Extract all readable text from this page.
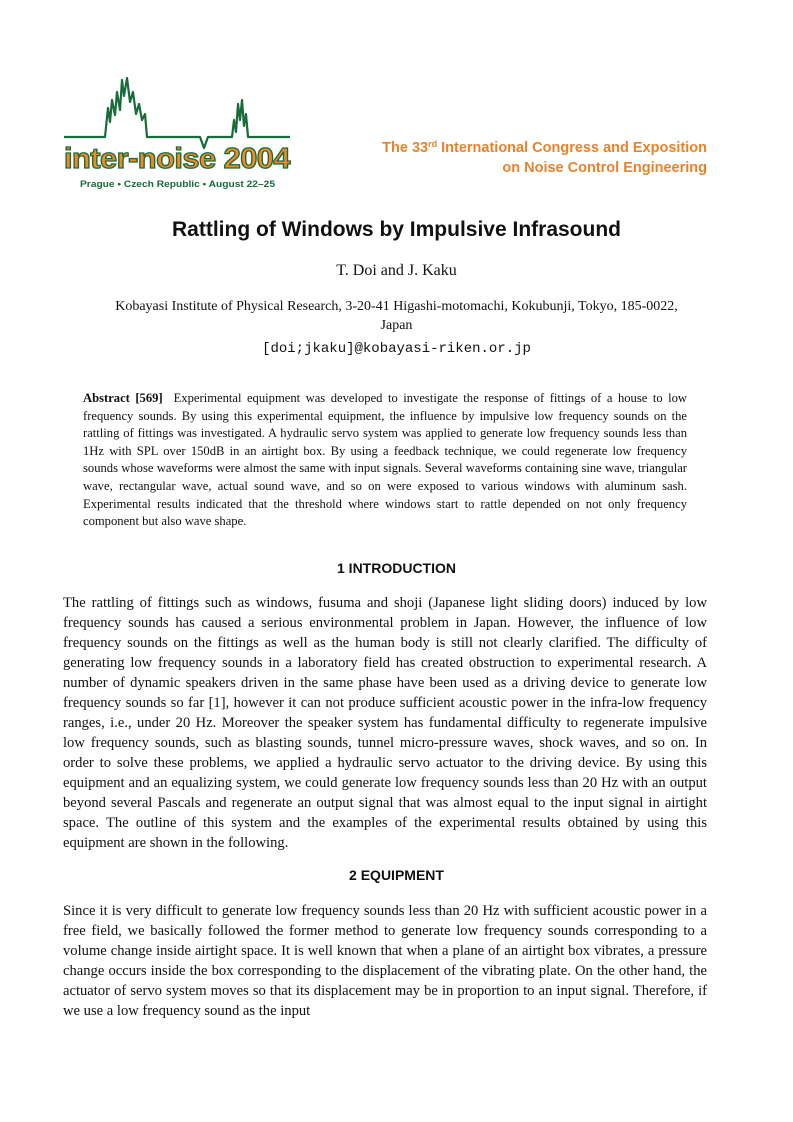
inter-noise 2004
Prague • Czech Republic • August 22–25
The 33rd International Congress and Exposition
on Noise Control Engineering
Rattling of Windows by Impulsive Infrasound
T. Doi and J. Kaku
Kobayasi Institute of Physical Research, 3-20-41 Higashi-motomachi, Kokubunji, Tokyo, 185-0022, Japan
[doi;jkaku]@kobayasi-riken.or.jp

Abstract [569] Experimental equipment was developed to investigate the response of fittings of a house to low frequency sounds. By using this experimental equipment, the influence by impulsive low frequency sounds on the rattling of fittings was investigated. A hydraulic servo system was applied to generate low frequency sounds less than 1Hz with SPL over 150dB in an airtight box. By using a feedback technique, we could regenerate low frequency sounds whose waveforms were almost the same with input signals. Several waveforms containing sine wave, triangular wave, rectangular wave, actual sound wave, and so on were exposed to various windows with aluminum sash. Experimental results indicated that the threshold where windows start to rattle depended on not only frequency component but also wave shape.

1 INTRODUCTION

The rattling of fittings such as windows, fusuma and shoji (Japanese light sliding doors) induced by low frequency sounds has caused a serious environmental problem in Japan. However, the influence of low frequency sounds on the fittings as well as the human body is still not clearly clarified. The difficulty of generating low frequency sounds in a laboratory field has created obstruction to experimental research. A number of dynamic speakers driven in the same phase have been used as a driving device to generate low frequency sounds so far [1], however it can not produce sufficient acoustic power in the infra-low frequency ranges, i.e., under 20 Hz. Moreover the speaker system has fundamental difficulty to regenerate impulsive low frequency sounds, such as blasting sounds, tunnel micro-pressure waves, shock waves, and so on. In order to solve these problems, we applied a hydraulic servo actuator to the driving device. By using this equipment and an equalizing system, we could generate low frequency sounds less than 20 Hz with an output beyond several Pascals and regenerate an output signal that was almost equal to the input signal in airtight space. The outline of this system and the examples of the experimental results obtained by using this equipment are shown in the following.

2 EQUIPMENT

Since it is very difficult to generate low frequency sounds less than 20 Hz with sufficient acoustic power in a free field, we basically followed the former method to generate low frequency sounds corresponding to a volume change inside airtight space. It is well known that when a plane of an airtight box vibrates, a pressure change occurs inside the box corresponding to the displacement of the vibrating plate. On the other hand, the actuator of servo system moves so that its displacement may be in proportion to an input signal. Therefore, if we use a low frequency sound as the input
